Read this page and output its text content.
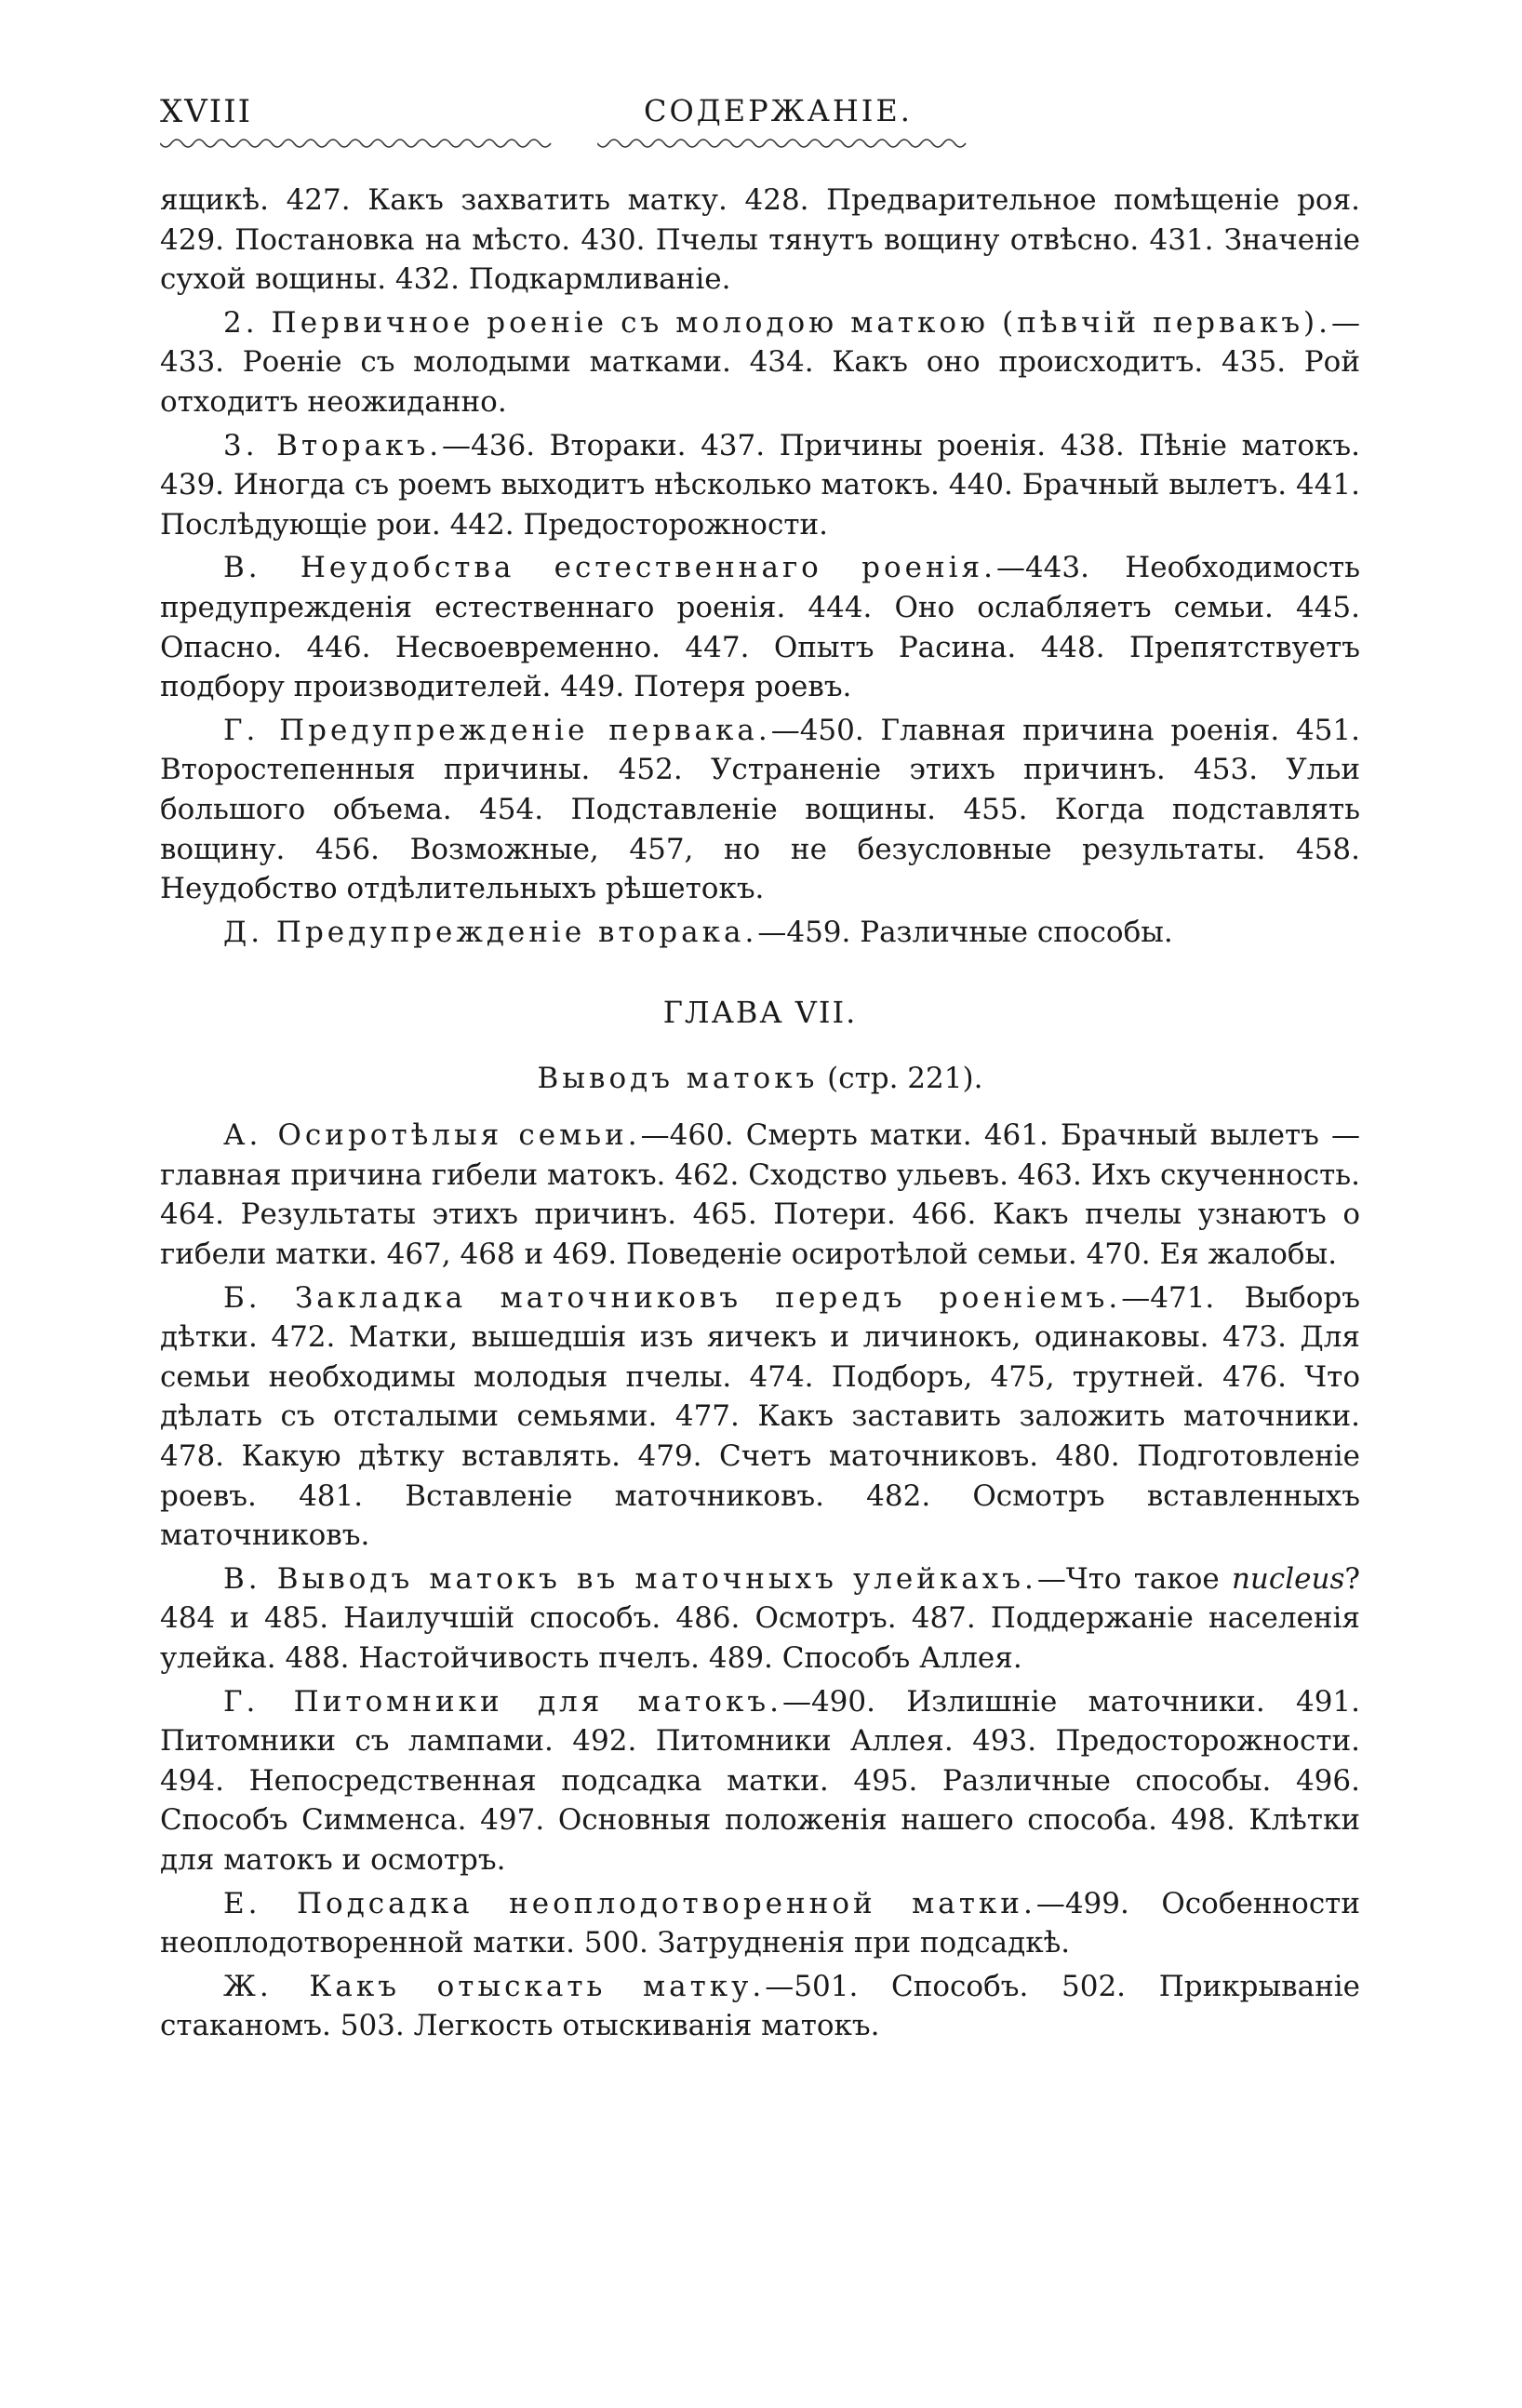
XVIII	СОДЕРЖАНIЕ.

ящикѣ. 427. Какъ захватить матку. 428. Предварительное помѣщенiе роя. 429. Постановка на мѣсто. 430. Пчелы тянутъ вощину отвѣсно. 431. Значенiе сухой вощины. 432. Подкармливанiе.

2. Первичное роенiе съ молодою маткою (пѣвчiй первакъ).—433. Роенiе съ молодыми матками. 434. Какъ оно происходитъ. 435. Рой отходитъ неожиданно.

3. Вторакъ.—436. Втораки. 437. Причины роенiя. 438. Пѣнiе матокъ. 439. Иногда съ роемъ выходитъ нѣсколько матокъ. 440. Брачный вылетъ. 441. Послѣдующiе рои. 442. Предосторожности.

В. Неудобства естественнаго роенiя.—443. Необходимость предупрежденiя естественнаго роенiя. 444. Оно ослабляетъ семьи. 445. Опасно. 446. Несвоевременно. 447. Опытъ Расина. 448. Препятствуетъ подбору производителей. 449. Потеря роевъ.

Г. Предупрежденiе первака.—450. Главная причина роенiя. 451. Второстепенныя причины. 452. Устраненiе этихъ причинъ. 453. Ульи большого объема. 454. Подставленiе вощины. 455. Когда подставлять вощину. 456. Возможные, 457, но не безусловные результаты. 458. Неудобство отдѣлительныхъ рѣшетокъ.

Д. Предупрежденiе вторака.—459. Различные способы.

ГЛАВА VII.
Выводъ матокъ (стр. 221).

А. Осиротѣлыя семьи.—460. Смерть матки. 461. Брачный вылетъ — главная причина гибели матокъ. 462. Сходство ульевъ. 463. Ихъ скученность. 464. Результаты этихъ причинъ. 465. Потери. 466. Какъ пчелы узнаютъ о гибели матки. 467, 468 и 469. Поведенiе осиротѣлой семьи. 470. Ея жалобы.

Б. Закладка маточниковъ передъ роенiемъ.—471. Выборъ дѣтки. 472. Матки, вышедшiя изъ яичекъ и личинокъ, одинаковы. 473. Для семьи необходимы молодыя пчелы. 474. Подборъ, 475, трутней. 476. Что дѣлать съ отсталыми семьями. 477. Какъ заставить заложить маточники. 478. Какую дѣтку вставлять. 479. Счетъ маточниковъ. 480. Подготовленiе роевъ. 481. Вставленiе маточниковъ. 482. Осмотръ вставленныхъ маточниковъ.

В. Выводъ матокъ въ маточныхъ улейкахъ.—Что такое nucleus? 484 и 485. Наилучшiй способъ. 486. Осмотръ. 487. Поддержанiе населенiя улейка. 488. Настойчивость пчелъ. 489. Способъ Аллея.

Г. Питомники для матокъ.—490. Излишнiе маточники. 491. Питомники съ лампами. 492. Питомники Аллея. 493. Предосторожности. 494. Непосредственная подсадка матки. 495. Различные способы. 496. Способъ Симменса. 497. Основныя положенiя нашего способа. 498. Клѣтки для матокъ и осмотръ.

Е. Подсадка неоплодотворенной матки.—499. Особенности неоплодотворенной матки. 500. Затрудненiя при подсадкѣ.

Ж. Какъ отыскать матку.—501. Способъ. 502. Прикрыванiе стаканомъ. 503. Легкость отыскиванiя матокъ.
